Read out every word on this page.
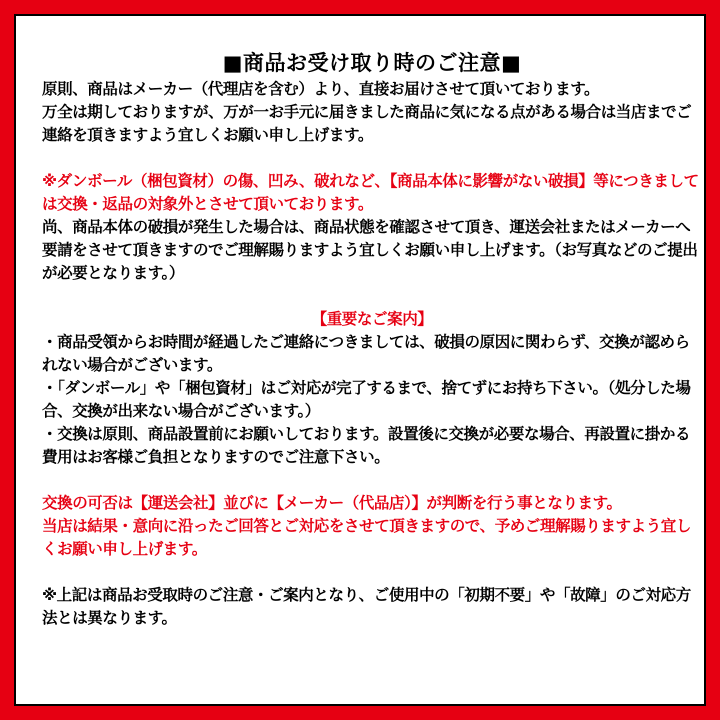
■商品お受け取り時のご注意■

原則、商品はメーカー（代理店を含む）より、直接お届けさせて頂いております。

万全は期しておりますが、万が一お手元に届きました商品に気になる点がある場合は当店までご連絡を頂きますよう宜しくお願い申し上げます。

※ダンボール（梱包資材）の傷、凹み、破れなど、【商品本体に影響がない破損】等につきましては交換・返品の対象外とさせて頂いております。

尚、商品本体の破損が発生した場合は、商品状態を確認させて頂き、運送会社またはメーカーへ要請をさせて頂きますのでご理解賜りますよう宜しくお願い申し上げます。（お写真などのご提出が必要となります。）

【重要なご案内】

・商品受領からお時間が経過したご連絡につきましては、破損の原因に関わらず、交換が認められない場合がございます。

・「ダンボール」や「梱包資材」はご対応が完了するまで、捨てずにお持ち下さい。（処分した場合、交換が出来ない場合がございます。）

・交換は原則、商品設置前にお願いしております。設置後に交換が必要な場合、再設置に掛かる費用はお客様ご負担となりますのでご注意下さい。

交換の可否は【運送会社】並びに【メーカー（代品店）】が判断を行う事となります。

当店は結果・意向に沿ったご回答とご対応をさせて頂きますので、予めご理解賜りますよう宜しくお願い申し上げます。

※上記は商品お受取時のご注意・ご案内となり、ご使用中の「初期不要」や「故障」のご対応方法とは異なります。
